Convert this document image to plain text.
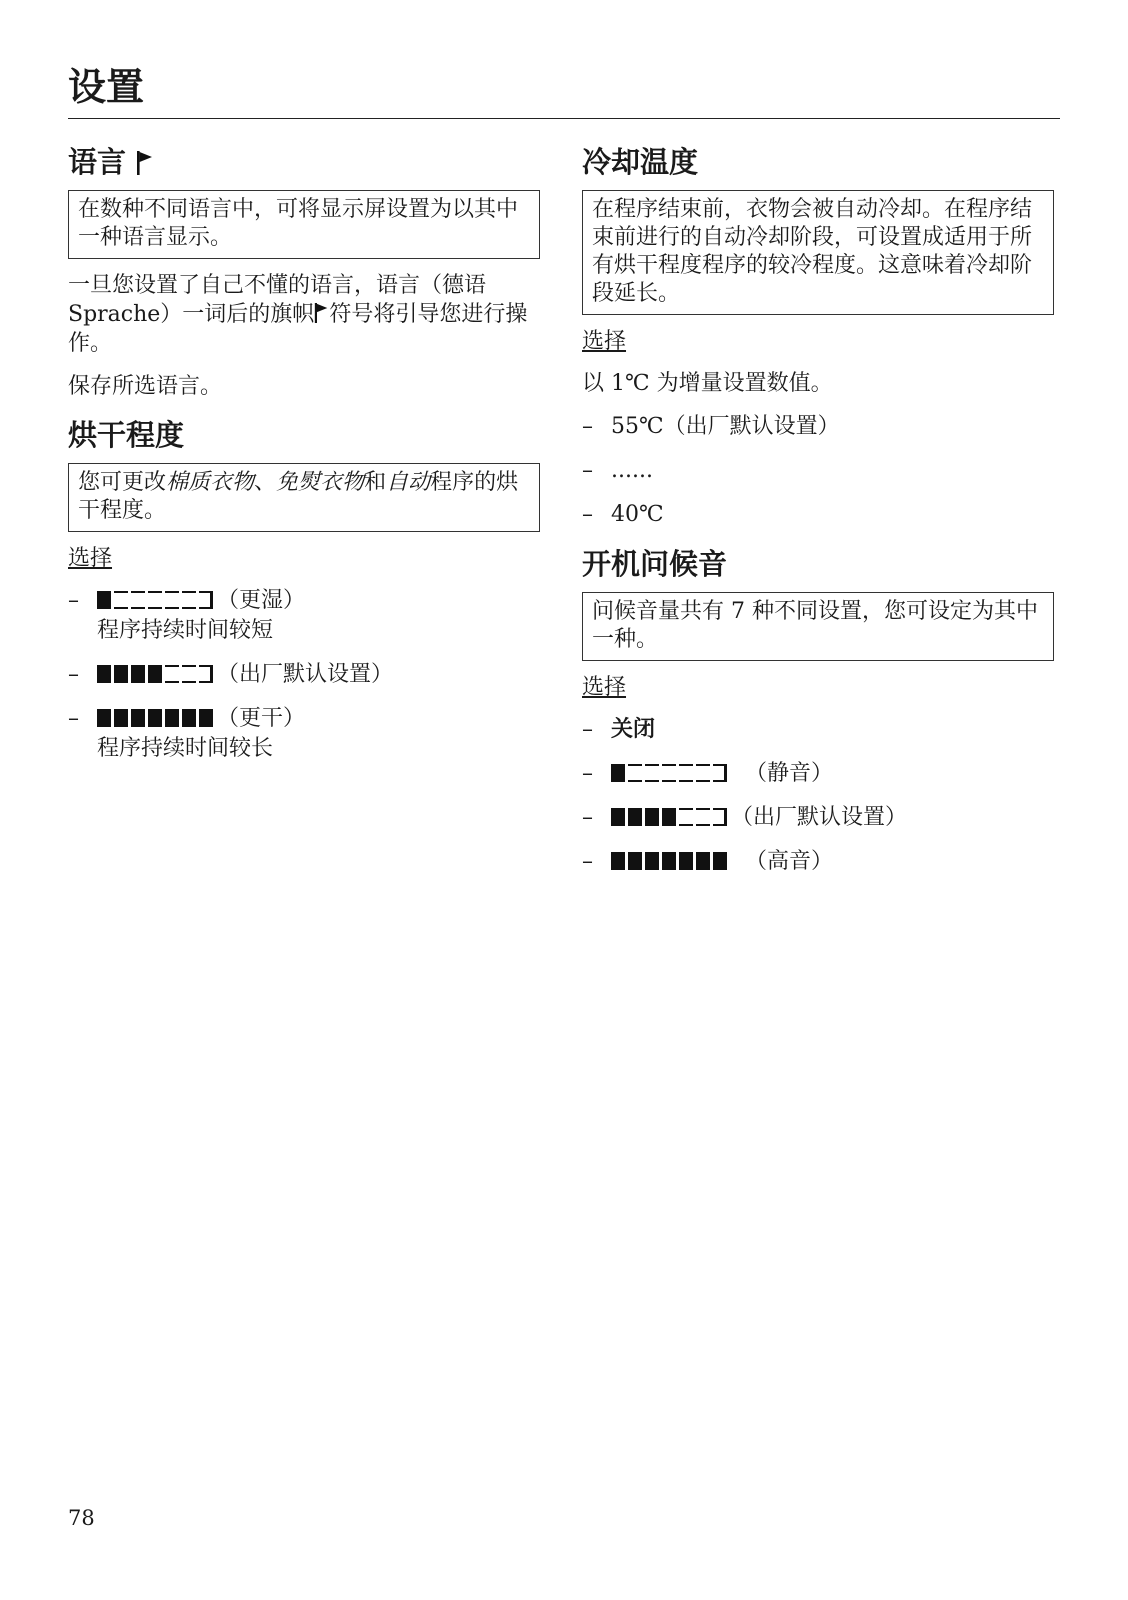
设置
语言
在数种不同语言中，可将显示屏设置为以其中一种语言显示。

一旦您设置了自己不懂的语言，语言（德语 Sprache）一词后的旗帜 符号将引导您进行操作。

保存所选语言。

烘干程度
您可更改棉质衣物、免熨衣物和自动程序的烘干程度。
选择
–	（更湿）
程序持续时间较短
–	（出厂默认设置）
–	（更干）
程序持续时间较长
冷却温度
在程序结束前，衣物会被自动冷却。在程序结束前进行的自动冷却阶段，可设置成适用于所有烘干程度程序的较冷程度。这意味着冷却阶段延长。
选择

以 1℃ 为增量设置数值。

– 55℃（出厂默认设置）
– ......
– 40℃
开机问候音
问候音量共有 7 种不同设置，您可设定为其中一种。
选择
– 关闭
–	（静音）
–	（出厂默认设置）
–	（高音）
78
